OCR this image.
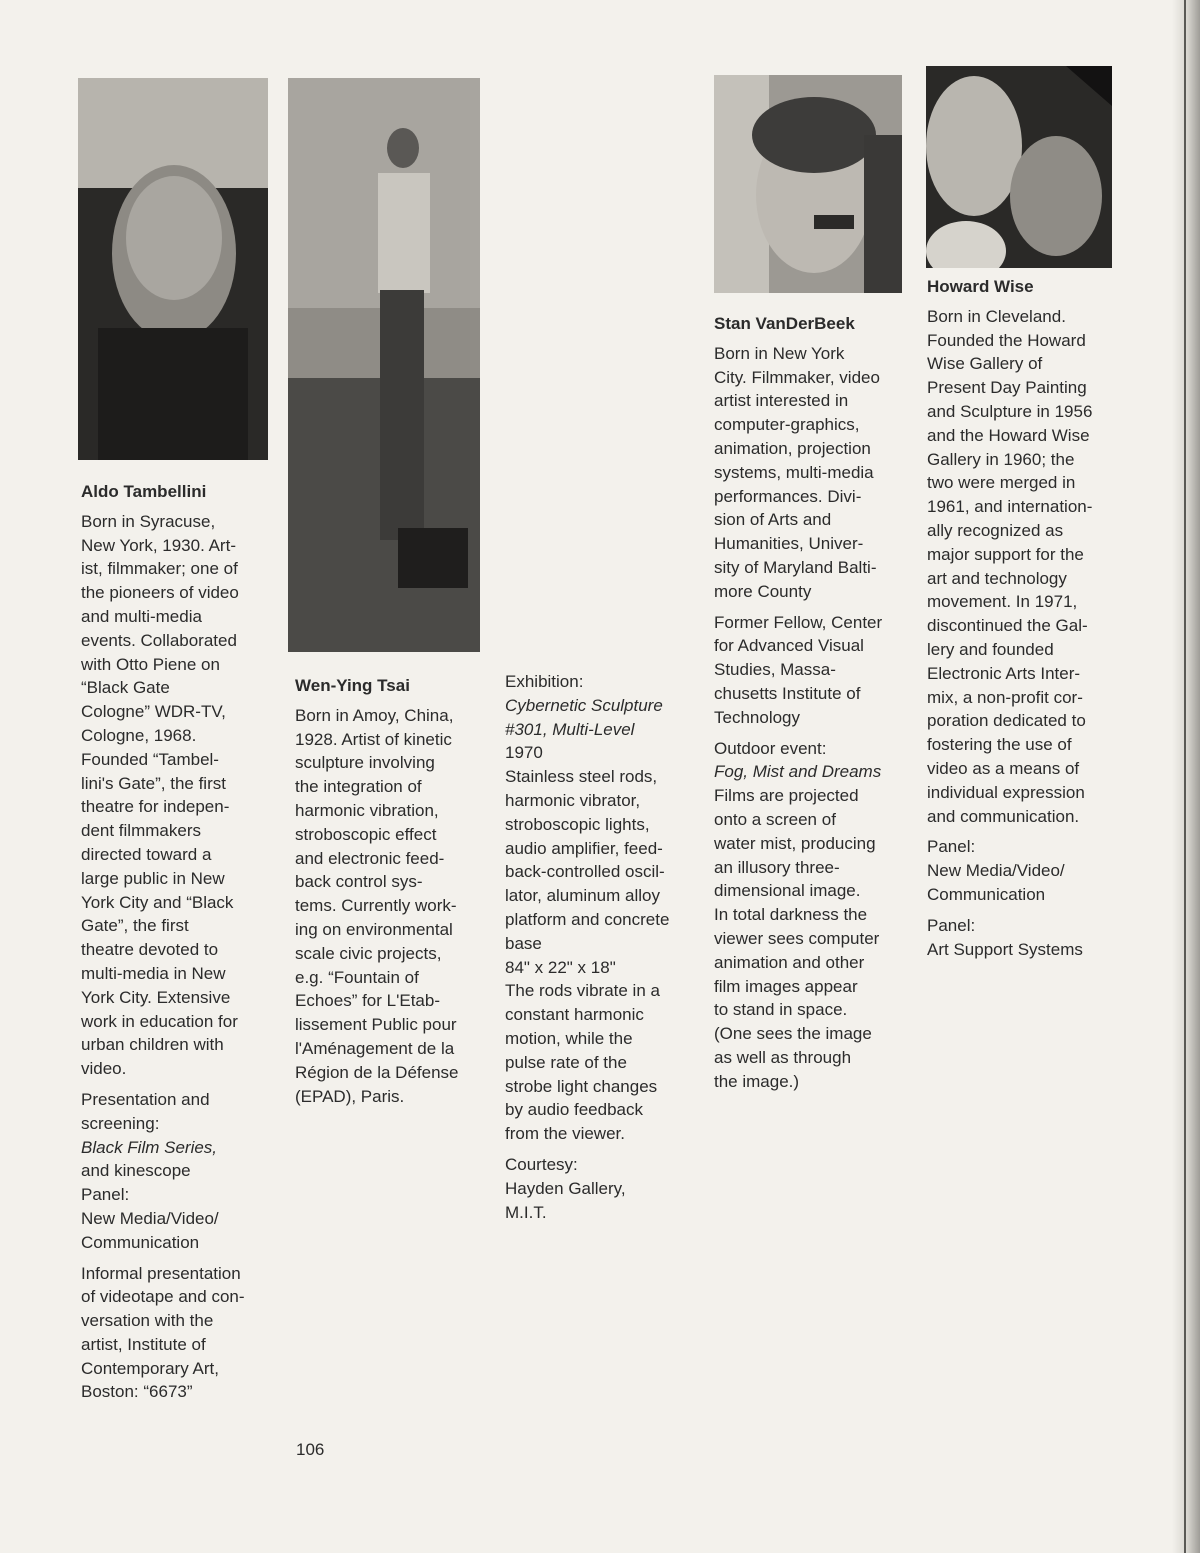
Aldo Tambellini
Born in Syracuse,
New York, 1930. Art-
ist, filmmaker; one of
the pioneers of video
and multi-media
events. Collaborated
with Otto Piene on
“Black Gate
Cologne” WDR-TV,
Cologne, 1968.
Founded “Tambel-
lini's Gate”, the first
theatre for indepen-
dent filmmakers
directed toward a
large public in New
York City and “Black
Gate”, the first
theatre devoted to
multi-media in New
York City. Extensive
work in education for
urban children with
video.
Presentation and
screening:
Black Film Series,
and kinescope
Panel:
New Media/Video/
Communication
Informal presentation
of videotape and con-
versation with the
artist, Institute of
Contemporary Art,
Boston: “6673”
Wen-Ying Tsai
Born in Amoy, China,
1928. Artist of kinetic
sculpture involving
the integration of
harmonic vibration,
stroboscopic effect
and electronic feed-
back control sys-
tems. Currently work-
ing on environmental
scale civic projects,
e.g. “Fountain of
Echoes” for L'Etab-
lissement Public pour
l'Aménagement de la
Région de la Défense
(EPAD), Paris.
Exhibition:
Cybernetic Sculpture
#301, Multi-Level
1970
Stainless steel rods,
harmonic vibrator,
stroboscopic lights,
audio amplifier, feed-
back-controlled oscil-
lator, aluminum alloy
platform and concrete
base
84" x 22" x 18"
The rods vibrate in a
constant harmonic
motion, while the
pulse rate of the
strobe light changes
by audio feedback
from the viewer.
Courtesy:
Hayden Gallery,
M.I.T.
Stan VanDerBeek
Born in New York
City. Filmmaker, video
artist interested in
computer-graphics,
animation, projection
systems, multi-media
performances. Divi-
sion of Arts and
Humanities, Univer-
sity of Maryland Balti-
more County
Former Fellow, Center
for Advanced Visual
Studies, Massa-
chusetts Institute of
Technology
Outdoor event:
Fog, Mist and Dreams
Films are projected
onto a screen of
water mist, producing
an illusory three-
dimensional image.
In total darkness the
viewer sees computer
animation and other
film images appear
to stand in space.
(One sees the image
as well as through
the image.)
Howard Wise
Born in Cleveland.
Founded the Howard
Wise Gallery of
Present Day Painting
and Sculpture in 1956
and the Howard Wise
Gallery in 1960; the
two were merged in
1961, and internation-
ally recognized as
major support for the
art and technology
movement. In 1971,
discontinued the Gal-
lery and founded
Electronic Arts Inter-
mix, a non-profit cor-
poration dedicated to
fostering the use of
video as a means of
individual expression
and communication.
Panel:
New Media/Video/
Communication
Panel:
Art Support Systems
106
